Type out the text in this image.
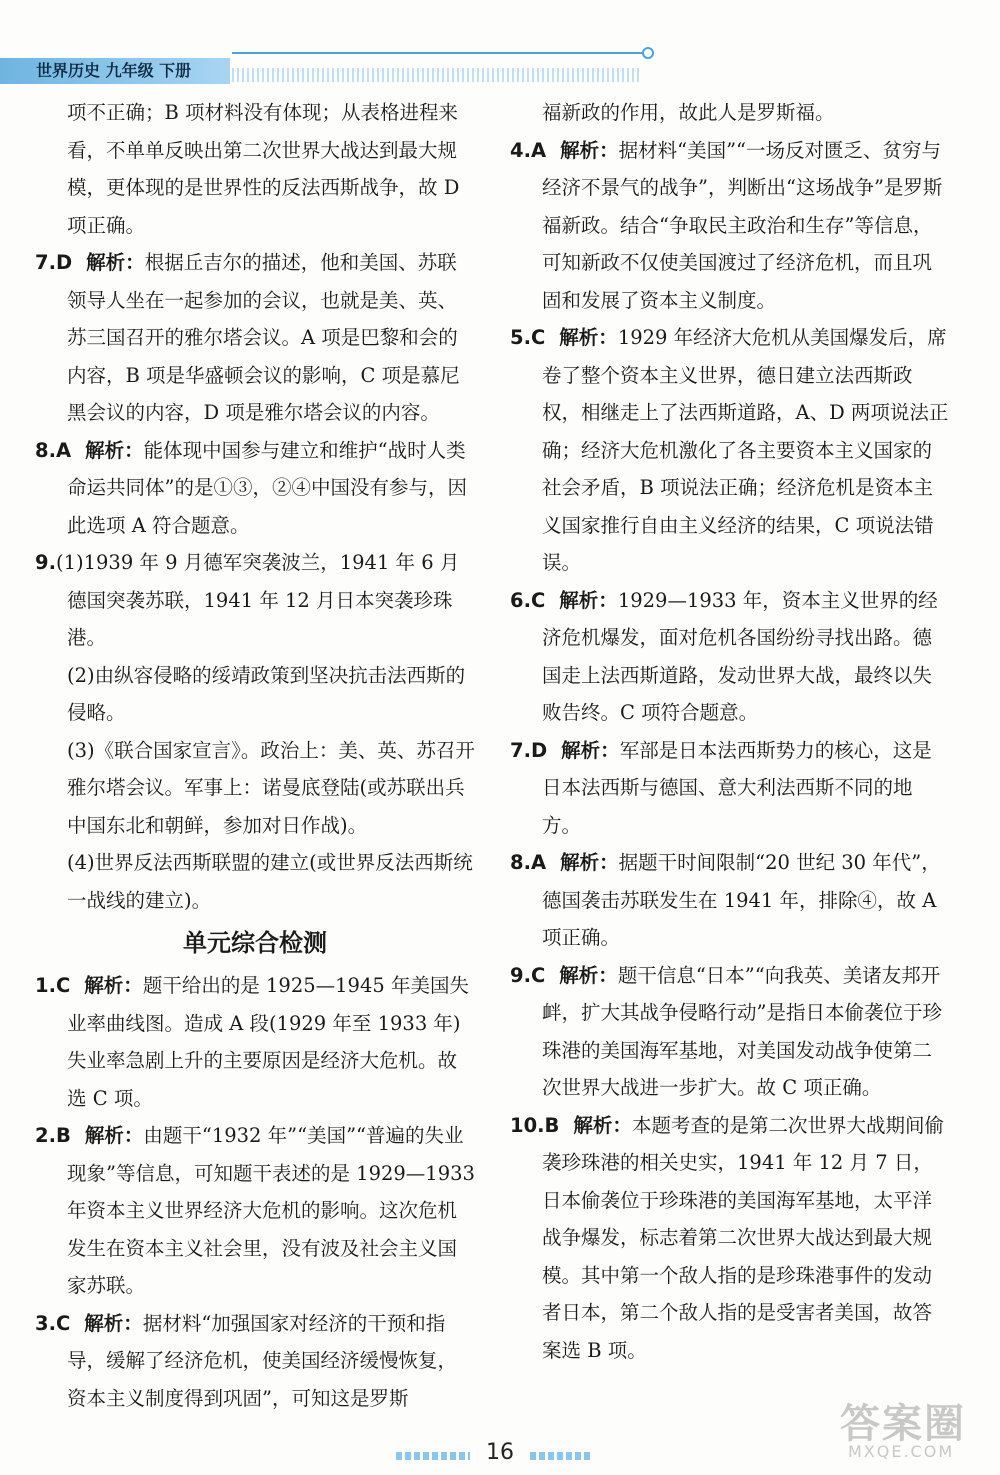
世界历史 九年级 下册

项不正确；B 项材料没有体现；从表格进程来看，不单单反映出第二次世界大战达到最大规模，更体现的是世界性的反法西斯战争，故 D 项正确。

7.D 解析：根据丘吉尔的描述，他和美国、苏联领导人坐在一起参加的会议，也就是美、英、苏三国召开的雅尔塔会议。A 项是巴黎和会的内容，B 项是华盛顿会议的影响，C 项是慕尼黑会议的内容，D 项是雅尔塔会议的内容。

8.A 解析：能体现中国参与建立和维护“战时人类命运共同体”的是①③，②④中国没有参与，因此选项 A 符合题意。

9.(1)1939 年 9 月德军突袭波兰，1941 年 6 月德国突袭苏联，1941 年 12 月日本突袭珍珠港。

(2)由纵容侵略的绥靖政策到坚决抗击法西斯的侵略。

(3)《联合国家宣言》。政治上：美、英、苏召开雅尔塔会议。军事上：诺曼底登陆(或苏联出兵中国东北和朝鲜，参加对日作战)。

(4)世界反法西斯联盟的建立(或世界反法西斯统一战线的建立)。

单元综合检测

1.C 解析：题干给出的是 1925—1945 年美国失业率曲线图。造成 A 段(1929 年至 1933 年)失业率急剧上升的主要原因是经济大危机。故选 C 项。

2.B 解析：由题干“1932 年”“美国”“普遍的失业现象”等信息，可知题干表述的是 1929—1933 年资本主义世界经济大危机的影响。这次危机发生在资本主义社会里，没有波及社会主义国家苏联。

3.C 解析：据材料“加强国家对经济的干预和指导，缓解了经济危机，使美国经济缓慢恢复，资本主义制度得到巩固”，可知这是罗斯

福新政的作用，故此人是罗斯福。

4.A 解析：据材料“美国”“一场反对匮乏、贫穷与经济不景气的战争”，判断出“这场战争”是罗斯福新政。结合“争取民主政治和生存”等信息，可知新政不仅使美国渡过了经济危机，而且巩固和发展了资本主义制度。

5.C 解析：1929 年经济大危机从美国爆发后，席卷了整个资本主义世界，德日建立法西斯政权，相继走上了法西斯道路，A、D 两项说法正确；经济大危机激化了各主要资本主义国家的社会矛盾，B 项说法正确；经济危机是资本主义国家推行自由主义经济的结果，C 项说法错误。

6.C 解析：1929—1933 年，资本主义世界的经济危机爆发，面对危机各国纷纷寻找出路。德国走上法西斯道路，发动世界大战，最终以失败告终。C 项符合题意。

7.D 解析：军部是日本法西斯势力的核心，这是日本法西斯与德国、意大利法西斯不同的地方。

8.A 解析：据题干时间限制“20 世纪 30 年代”，德国袭击苏联发生在 1941 年，排除④，故 A 项正确。

9.C 解析：题干信息“日本”“向我英、美诸友邦开衅，扩大其战争侵略行动”是指日本偷袭位于珍珠港的美国海军基地，对美国发动战争使第二次世界大战进一步扩大。故 C 项正确。

10.B 解析：本题考查的是第二次世界大战期间偷袭珍珠港的相关史实，1941 年 12 月 7 日，日本偷袭位于珍珠港的美国海军基地，太平洋战争爆发，标志着第二次世界大战达到最大规模。其中第一个敌人指的是珍珠港事件的发动者日本，第二个敌人指的是受害者美国，故答案选 B 项。

16
答案圈
MXQE.COM
